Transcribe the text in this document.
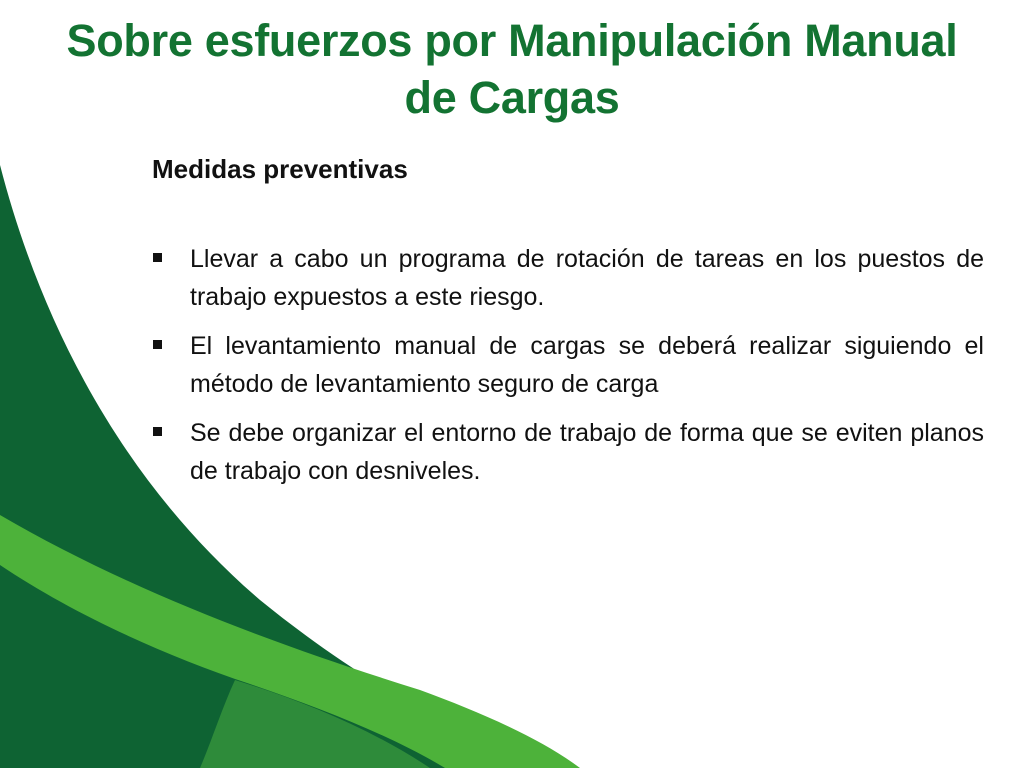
Sobre esfuerzos por Manipulación Manual de Cargas
Medidas preventivas
Llevar a cabo un programa de rotación de tareas en los puestos de trabajo expuestos a este riesgo.
El levantamiento manual de cargas se deberá realizar siguiendo el método de levantamiento seguro de carga
Se debe organizar el entorno de trabajo de forma que se eviten planos de trabajo con desniveles.
